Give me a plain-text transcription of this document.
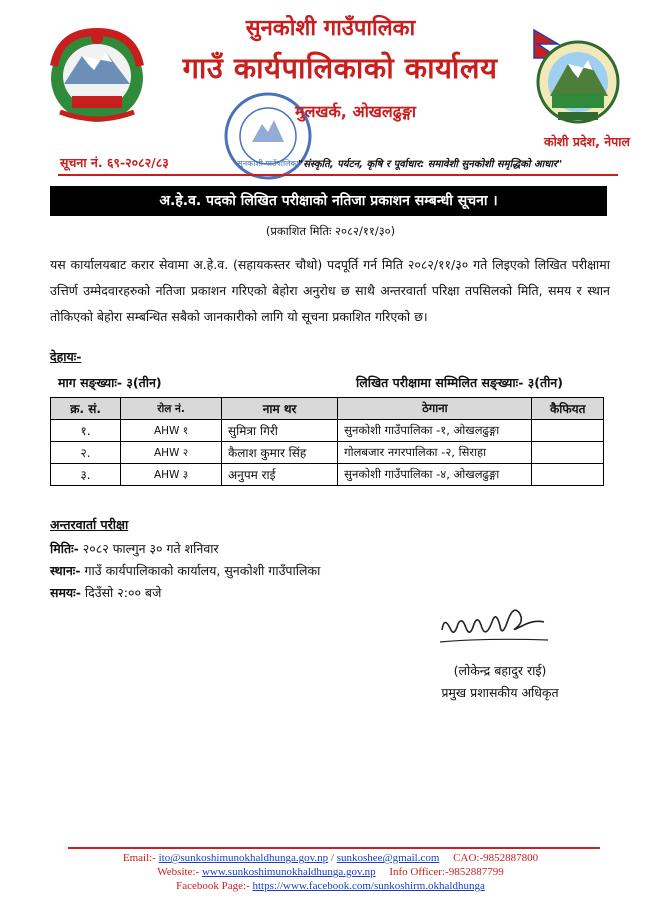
सुनकोशी गाउँपालिका
सुनकोशी गाउँपालिका
गाउँ कार्यपालिकाको कार्यालय
मुलखर्क, ओखलढुङ्गा
कोशी प्रदेश, नेपाल
सूचना नं. ६९-२०८२/८३	"संस्कृति, पर्यटन, कृषि र पूर्वाधार: समावेशी सुनकोशी समृद्धिको आधार"
अ.हे.व. पदको लिखित परीक्षाको नतिजा प्रकाशन सम्बन्धी सूचना ।
(प्रकाशित मितिः २०८२/११/३०)
यस कार्यालयबाट करार सेवामा अ.हे.व. (सहायकस्तर चौथो) पदपूर्ति गर्न मिति २०८२/११/३० गते लिइएको लिखित परीक्षामा उत्तिर्ण उम्मेदवारहरुको नतिजा प्रकाशन गरिएको बेहोरा अनुरोध छ साथै अन्तरवार्ता परिक्षा तपसिलको मिति, समय र स्थान तोकिएको बेहोरा सम्बन्धित सबैको जानकारीको लागि यो सूचना प्रकाशित गरिएको छ।
देहायः-
माग सङ्ख्याः- ३(तीन)	लिखित परीक्षामा सम्मिलित सङ्ख्याः- ३(तीन)
क्र. सं.	रोल नं.	नाम थर	ठेगाना	कैफियत
१.	AHW १	सुमित्रा गिरी	सुनकोशी गाउँपालिका -१, ओखलढुङ्गा	
२.	AHW २	कैलाश कुमार सिंह	गोलबजार नगरपालिका -२, सिराहा	
३.	AHW ३	अनुपम राई	सुनकोशी गाउँपालिका -४, ओखलढुङ्गा	
अन्तरवार्ता परीक्षा
मितिः- २०८२ फाल्गुन ३० गते शनिवार
स्थानः- गाउँ कार्यपालिकाको कार्यालय, सुनकोशी गाउँपालिका
समयः- दिउँसो २:०० बजे
(लोकेन्द्र बहादुर राई)
प्रमुख प्रशासकीय अधिकृत
Email:- ito@sunkoshimunokhaldhunga.gov.np / sunkoshee@gmail.com CAO:-9852887800
Website:- www.sunkoshimunokhaldhunga.gov.np Info Officer:-9852887799
Facebook Page:- https://www.facebook.com/sunkoshirm.okhaldhunga
